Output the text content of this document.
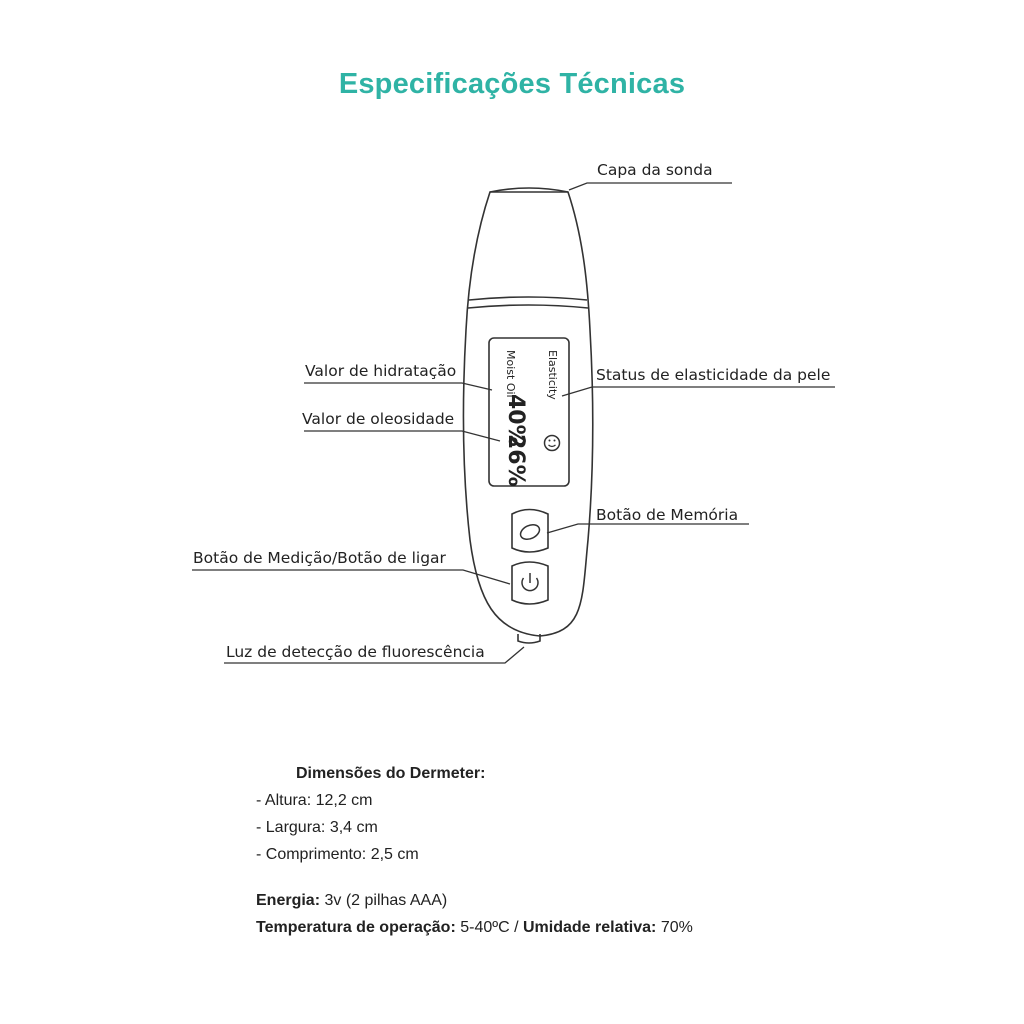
Especificações Técnicas
Elasticity
Moist Oil
40%
26%
Capa da sonda
Valor de hidratação
Valor de oleosidade
Status de elasticidade da pele
Botão de Memória
Botão de Medição/Botão de ligar
Luz de detecção de fluorescência
Dimensões do Dermeter:
- Altura: 12,2 cm
- Largura: 3,4 cm
- Comprimento: 2,5 cm
Energia: 3v (2 pilhas AAA)
Temperatura de operação: 5-40ºC / Umidade relativa: 70%
